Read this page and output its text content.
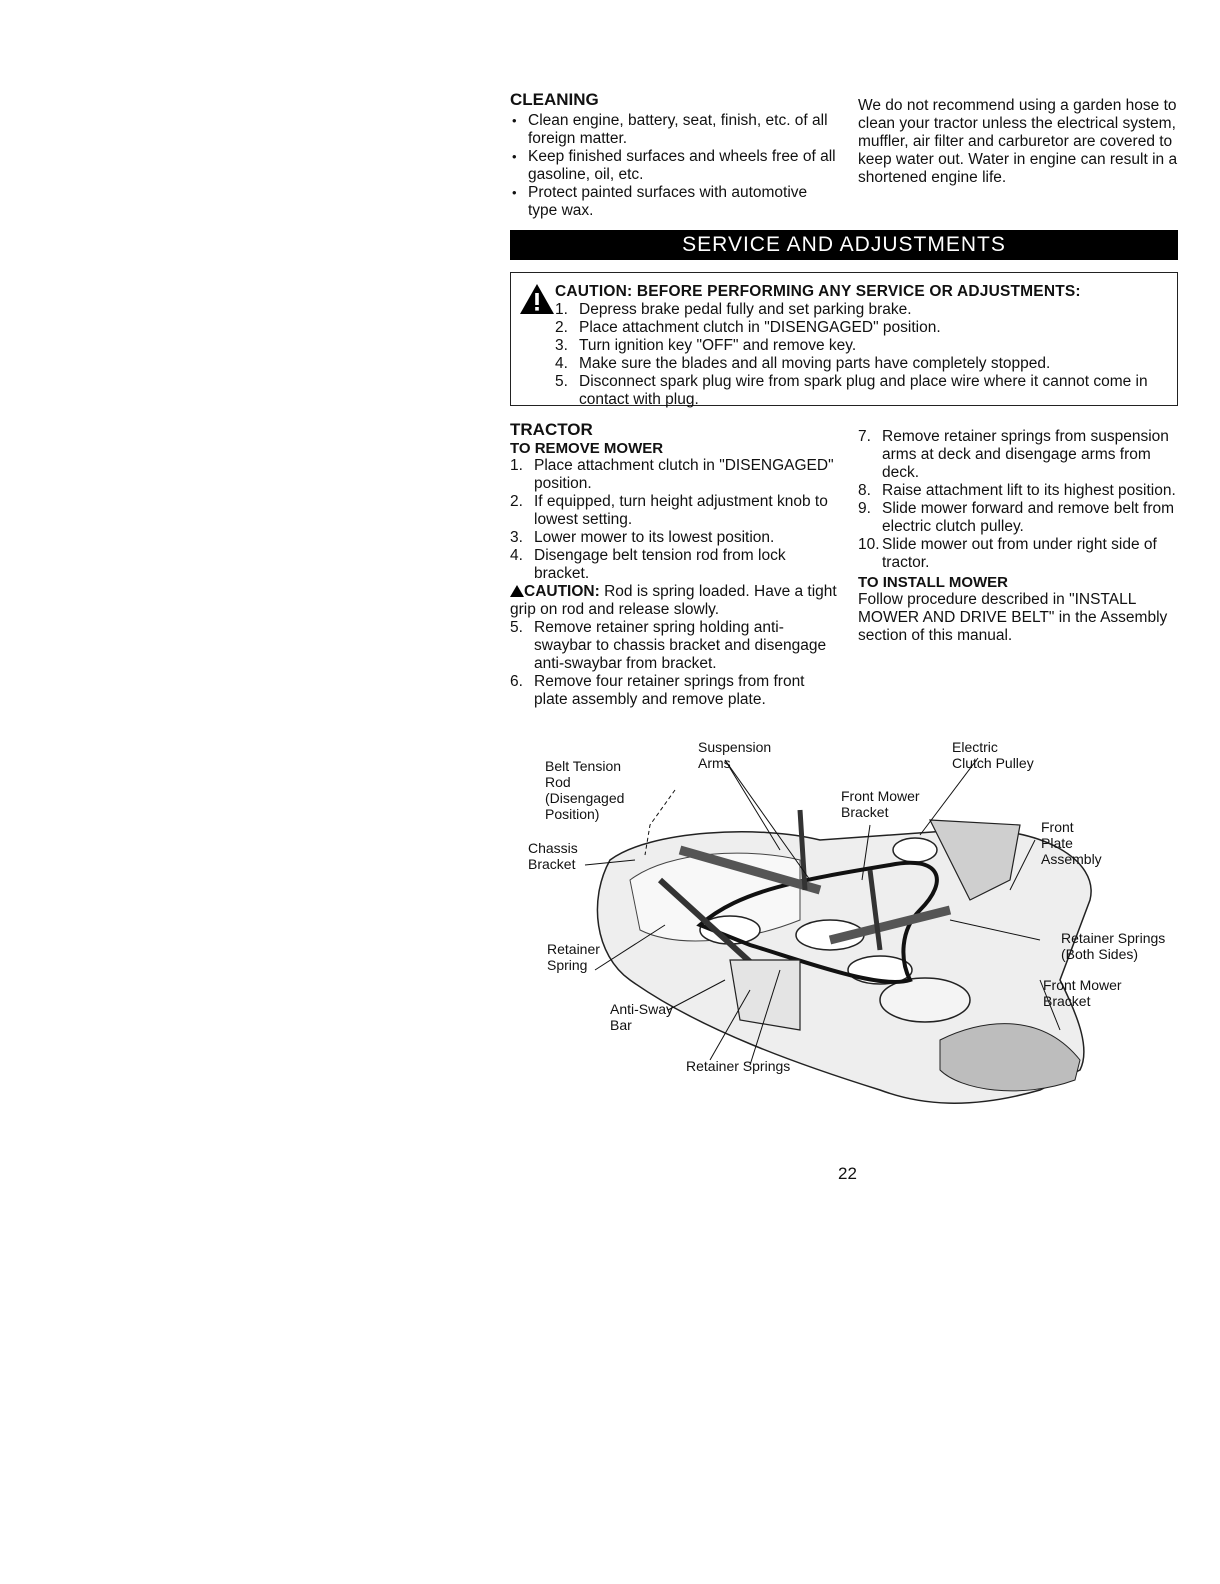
CLEANING

• Clean engine, battery, seat, finish, etc. of all foreign matter.
• Keep finished surfaces and wheels free of all gasoline, oil, etc.
• Protect painted surfaces with automotive type wax.
We do not recommend using a garden hose to clean your tractor unless the electrical system, muffler, air filter and carburetor are covered to keep water out. Water in engine can result in a shortened engine life.
SERVICE AND ADJUSTMENTS
CAUTION: BEFORE PERFORMING ANY SERVICE OR ADJUSTMENTS:
1. Depress brake pedal fully and set parking brake.
2. Place attachment clutch in "DISENGAGED" position.
3. Turn ignition key "OFF" and remove key.
4. Make sure the blades and all moving parts have completely stopped.
5. Disconnect spark plug wire from spark plug and place wire where it cannot come in contact with plug.

TRACTOR

TO REMOVE MOWER

1. Place attachment clutch in "DISENGAGED" position.
2. If equipped, turn height adjustment knob to lowest setting.
3. Lower mower to its lowest position.
4. Disengage belt tension rod from lock bracket.
CAUTION: Rod is spring loaded. Have a tight grip on rod and release slowly.
5. Remove retainer spring holding anti-swaybar to chassis bracket and disengage anti-swaybar from bracket.
6. Remove four retainer springs from front plate assembly and remove plate.
7. Remove retainer springs from suspension arms at deck and disengage arms from deck.
8. Raise attachment lift to its highest position.
9. Slide mower forward and remove belt from electric clutch pulley.
10. Slide mower out from under right side of tractor.

TO INSTALL MOWER

Follow procedure described in "INSTALL MOWER AND DRIVE BELT" in the Assembly section of this manual.
Belt Tension
Rod
(Disengaged
Position)
Suspension
Arms
Electric
Clutch Pulley
Front Mower
Bracket
Front
Plate
Assembly
Chassis
Bracket
Retainer
Spring
Retainer Springs
(Both Sides)
Front Mower
Bracket
Anti-Sway
Bar
Retainer Springs
22
